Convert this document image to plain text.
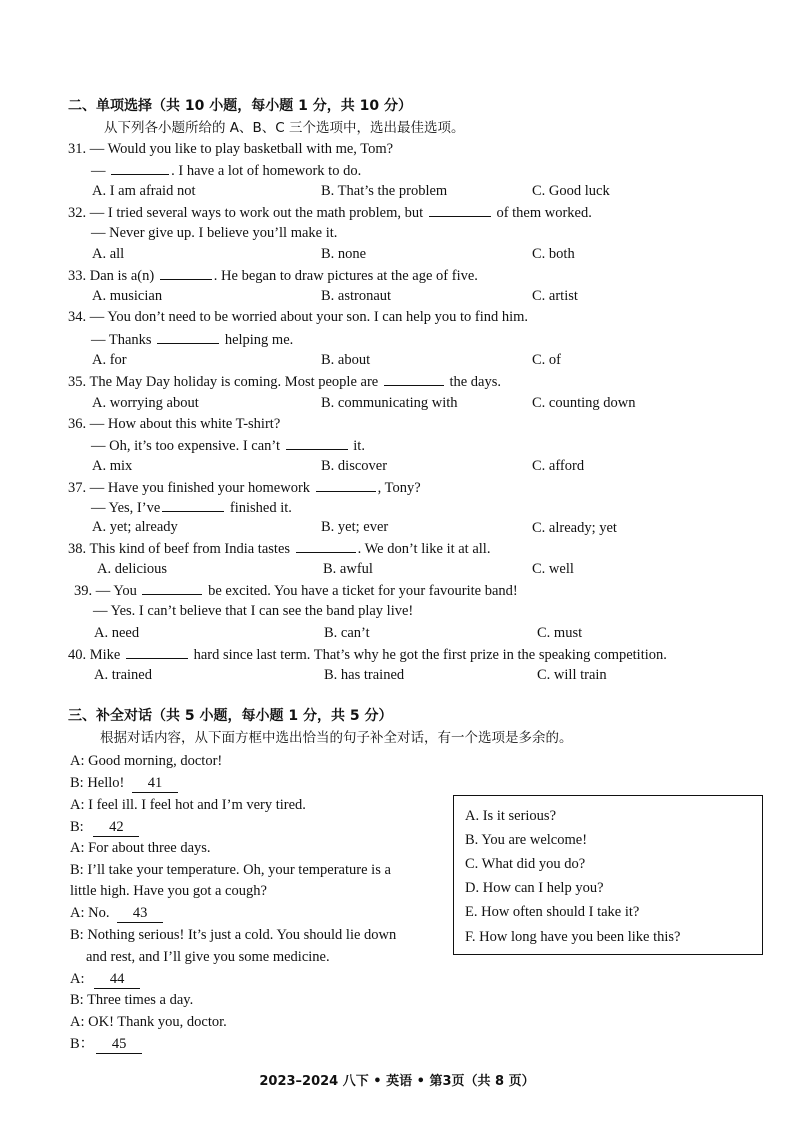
二、单项选择（共 10 小题，每小题 1 分，共 10 分）
从下列各小题所给的 A、B、C 三个选项中，选出最佳选项。
31. — Would you like to play basketball with me, Tom?
—	. I have a lot of homework to do.
A. I am afraid not	B. That’s the problem	C. Good luck
32. — I tried several ways to work out the math problem, but	of them worked.
— Never give up. I believe you’ll make it.
A. all	B. none	C. both
33. Dan is a(n)	. He began to draw pictures at the age of five.
A. musician	B. astronaut	C. artist
34. — You don’t need to be worried about your son. I can help you to find him.
— Thanks	helping me.
A. for	B. about	C. of
35. The May Day holiday is coming. Most people are	the days.
A. worrying about	B. communicating with	C. counting down
36. — How about this white T-shirt?
— Oh, it’s too expensive. I can’t	it.
A. mix	B. discover	C. afford
37. — Have you finished your homework	, Tony?
— Yes, I’ve	finished it.
A. yet; already	B. yet; ever	C. already; yet
38. This kind of beef from India tastes	. We don’t like it at all.
A. delicious	B. awful	C. well
39. — You	be excited. You have a ticket for your favourite band!
— Yes. I can’t believe that I can see the band play live!
A. need	B. can’t	C. must
40. Mike	hard since last term. That’s why he got the first prize in the speaking competition.
A. trained	B. has trained	C. will train
三、补全对话（共 5 小题，每小题 1 分，共 5 分）
根据对话内容，从下面方框中选出恰当的句子补全对话，有一个选项是多余的。
A: Good morning, doctor!
B: Hello! 41
A: I feel ill. I feel hot and I’m very tired.
B: 42
A: For about three days.
B: I’ll take your temperature. Oh, your temperature is a
little high. Have you got a cough?
A: No. 43
B: Nothing serious! It’s just a cold. You should lie down
and rest, and I’ll give you some medicine.
A: 44
B: Three times a day.
A: OK! Thank you, doctor.
B： 45
A. Is it serious?
B. You are welcome!
C. What did you do?
D. How can I help you?
E. How often should I take it?
F. How long have you been like this?
2023–2024 八下 • 英语 • 第3页（共 8 页）
